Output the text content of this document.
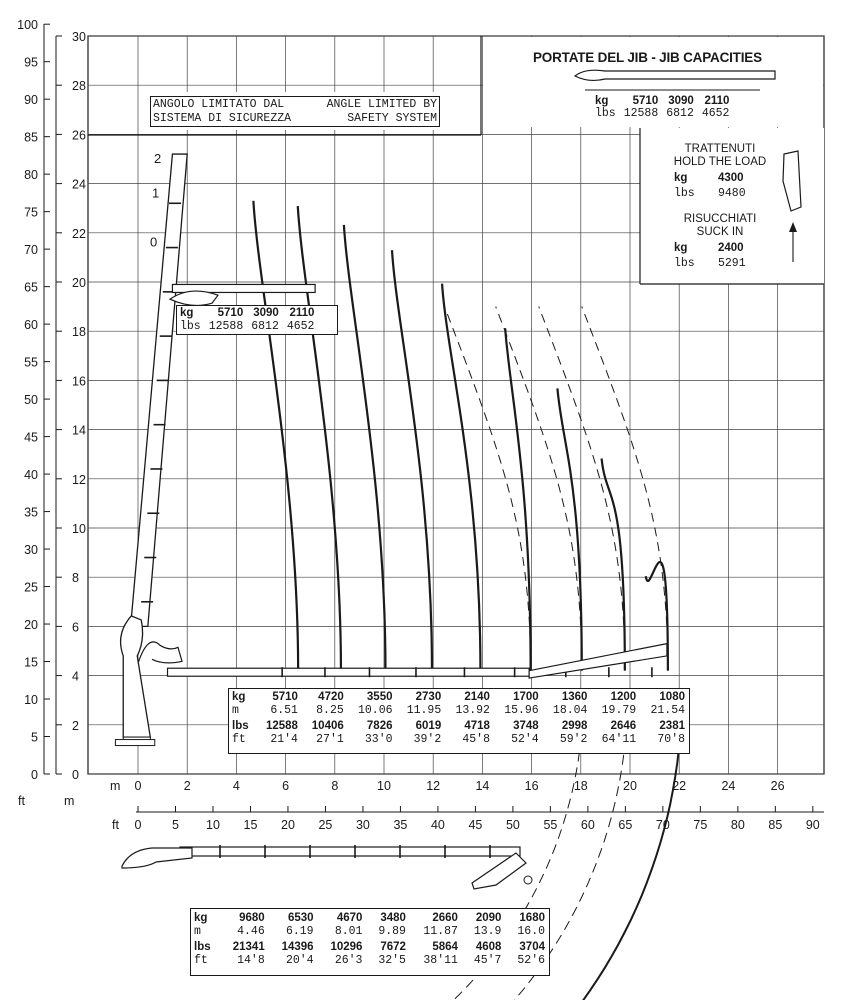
0
2
4
6
8
10
12
14
16
18
20
22
24
26
28
30
0
5
10
15
20
25
30
35
40
45
50
55
60
65
70
75
80
85
90
95
100
m
m
ft
0	2	4	6	8	10	12	14	16	18	20	22	24	26
ft 0 5 10 15 20 25 30 35 40 45 50 55 60 65 70 75 80 85 90
0
1
2
PORTATE DEL JIB - JIB CAPACITIES
kg	5710	3090	2110
lbs	12588	6812	4652
TRATTENUTI
HOLD THE LOAD
kg	4300
lbs 9480
RISUCCHIATI
SUCK IN
kg	2400
lbs 5291
ANGOLO LIMITATO DAL	ANGLE LIMITED BY
SISTEMA DI SICUREZZA	SAFETY SYSTEM
kg	5710	3090	2110
lbs	12588	6812	4652
kg	5710	4720	3550	2730	2140	1700	1360	1200	1080
m	6.51	8.25	10.06	11.95	13.92	15.96	18.04	19.79	21.54
lbs	12588	10406	7826	6019	4718	3748	2998	2646	2381
ft	21'4	27'1	33'0	39'2	45'8	52'4	59'2	64'11	70'8
kg	9680	6530	4670	3480	2660	2090	1680
m	4.46	6.19	8.01	9.89	11.87	13.9	16.0
lbs	21341	14396	10296	7672	5864	4608	3704
ft	14'8	20'4	26'3	32'5	38'11	45'7	52'6
